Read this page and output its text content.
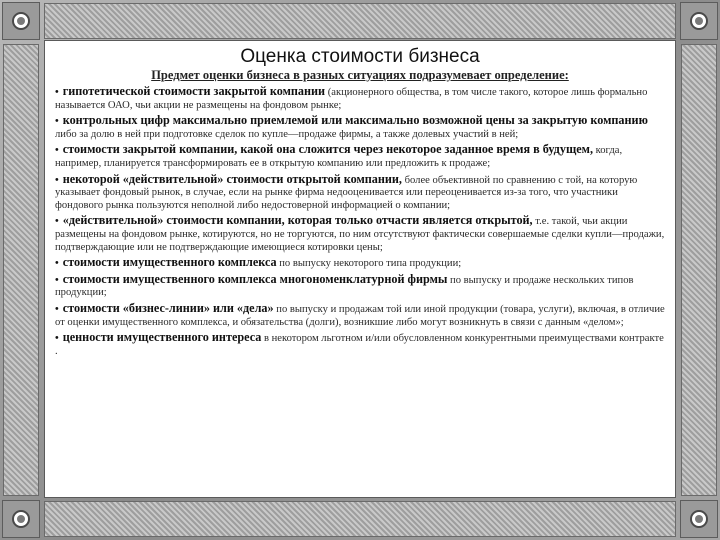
Оценка стоимости бизнеса
Предмет оценки бизнеса в разных ситуациях подразумевает определение:
• гипотетической стоимости закрытой компании (акционерного общества, в том числе такого, которое лишь формально называется ОАО, чьи акции не размещены на фондовом рынке;
• контрольных цифр максимально приемлемой или максимально возможной цены за закрытую компанию либо за долю в ней при подготовке сделок по купле—продаже фирмы, а также долевых участий в ней;
• стоимости закрытой компании, какой она сложится через некоторое заданное время в будущем, когда, например, планируется трансформировать ее в открытую компанию или предложить к продаже;
• некоторой «действительной» стоимости открытой компании, более объективной по сравнению с той, на которую указывает фондовый рынок, в случае, если на рынке фирма недооценивается или переоценивается из-за того, что участники фондового рынка пользуются неполной либо недостоверной информацией о компании;
• «действительной» стоимости компании, которая только отчасти является открытой, т.е. такой, чьи акции размещены на фондовом рынке, котируются, но не торгуются, по ним отсутствуют фактически совершаемые сделки купли—продажи, подтверждающие или не подтверждающие имеющиеся котировки цены;
• стоимости имущественного комплекса по выпуску некоторого типа продукции;
• стоимости имущественного комплекса многономенклатурной фирмы по выпуску и продаже нескольких типов продукции;
• стоимости «бизнес-линии» или «дела» по выпуску и продажам той или иной продукции (товара, услуги), включая, в отличие от оценки имущественного комплекса, и обязательства (долги), возникшие либо могут возникнуть в связи с данным «делом»;
• ценности имущественного интереса в некотором льготном и/или обусловленном конкурентными преимуществами контракте .
